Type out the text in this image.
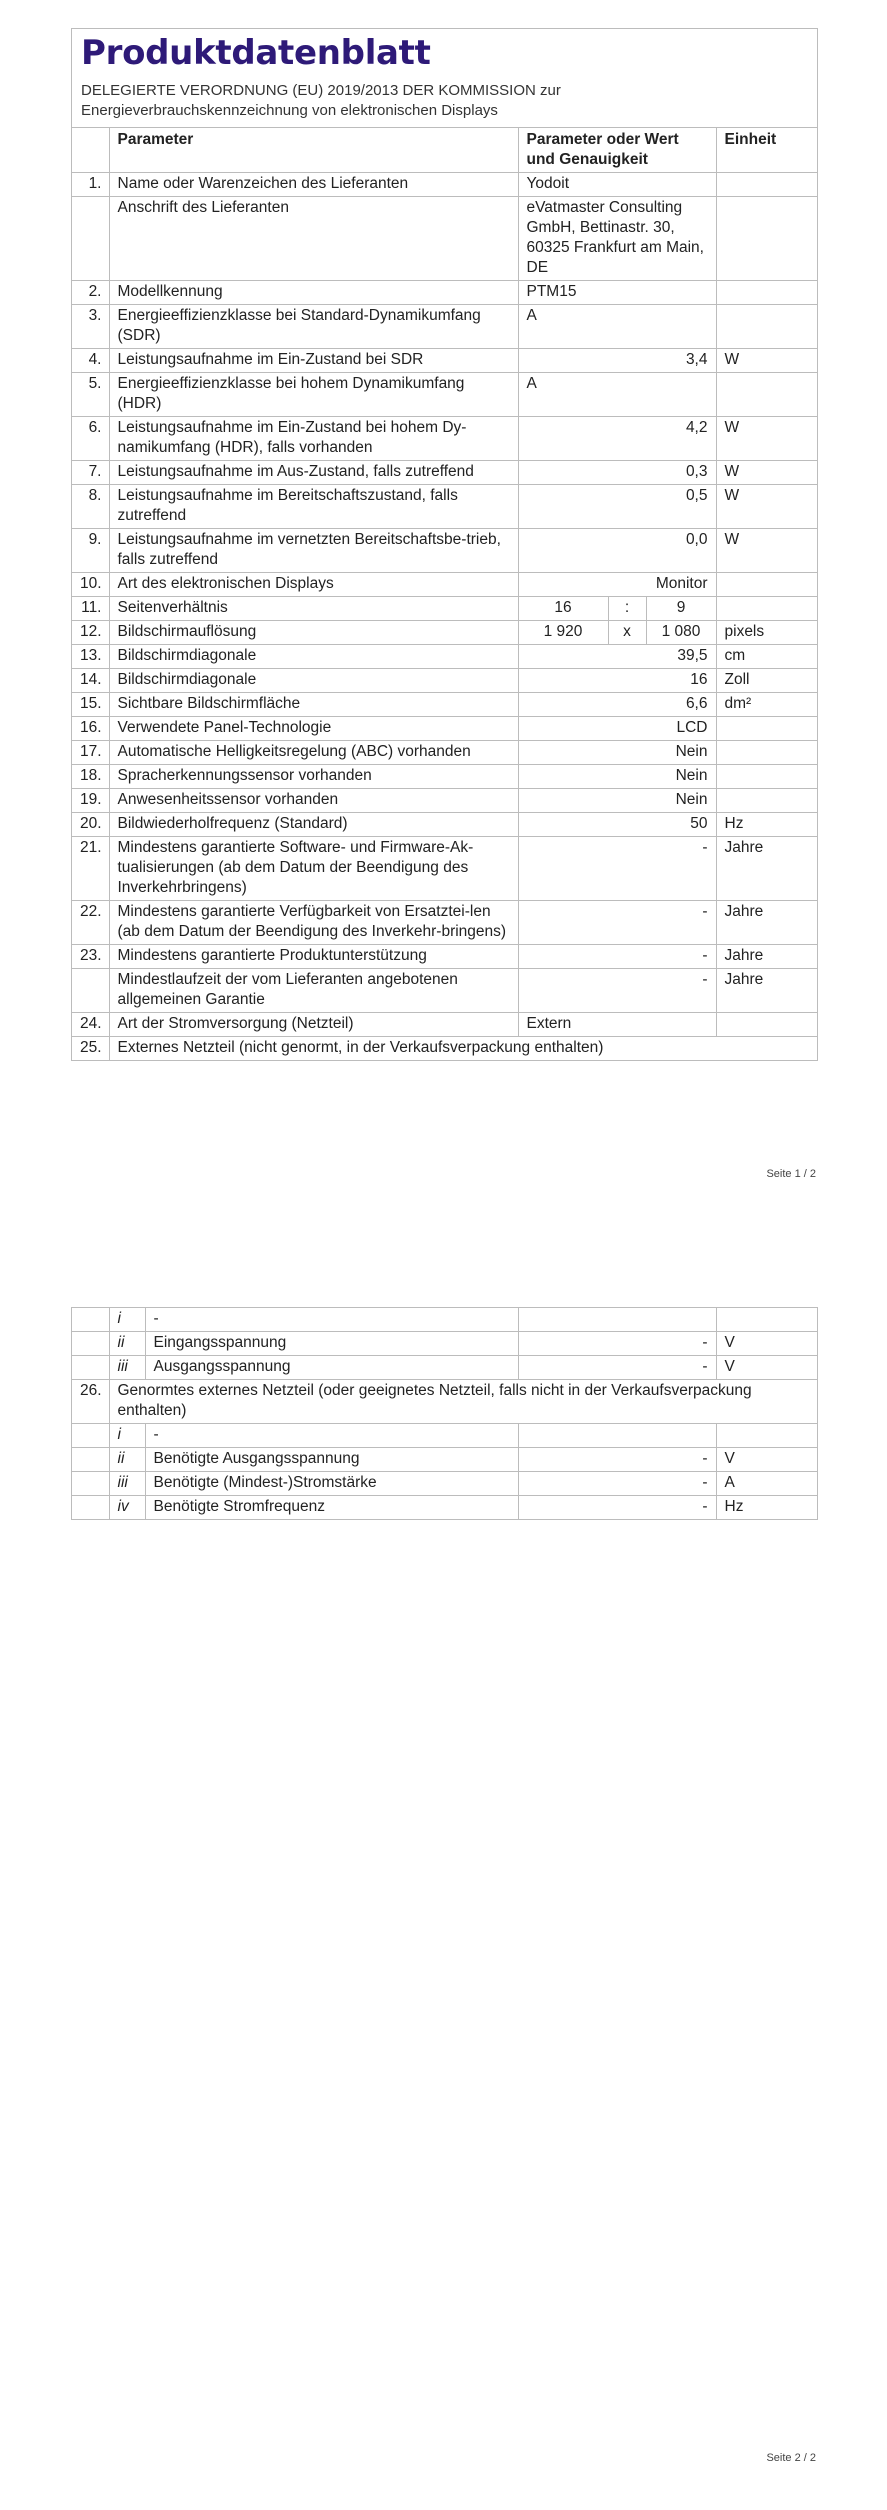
Produktdatenblatt
DELEGIERTE VERORDNUNG (EU) 2019/2013 DER KOMMISSION zur
Energieverbrauchskennzeichnung von elektronischen Displays
	Parameter	Parameter oder Wert und Genauigkeit			Einheit
1.	Name oder Warenzeichen des Lieferanten	Yodoit			
	Anschrift des Lieferanten	eVatmaster Consulting GmbH, Bettinastr. 30, 60325 Frankfurt am Main, DE			
2.	Modellkennung	PTM15			
3.	Energieeffizienzklasse bei Standard-Dynamikumfang (SDR)	A			
4.	Leistungsaufnahme im Ein-Zustand bei SDR	3,4			W
5.	Energieeffizienzklasse bei hohem Dynamikumfang (HDR)	A			
6.	Leistungsaufnahme im Ein-Zustand bei hohem Dy-namikumfang (HDR), falls vorhanden	4,2			W
7.	Leistungsaufnahme im Aus-Zustand, falls zutreffend	0,3			W
8.	Leistungsaufnahme im Bereitschaftszustand, falls zutreffend	0,5			W
9.	Leistungsaufnahme im vernetzten Bereitschaftsbe-trieb, falls zutreffend	0,0			W
10.	Art des elektronischen Displays	Monitor			
11.	Seitenverhältnis	16	:	9	
12.	Bildschirmauflösung	1 920	x	1 080	pixels
13.	Bildschirmdiagonale	39,5			cm
14.	Bildschirmdiagonale	16			Zoll
15.	Sichtbare Bildschirmfläche	6,6			dm²
16.	Verwendete Panel-Technologie	LCD			
17.	Automatische Helligkeitsregelung (ABC) vorhanden	Nein			
18.	Spracherkennungssensor vorhanden	Nein			
19.	Anwesenheitssensor vorhanden	Nein			
20.	Bildwiederholfrequenz (Standard)	50			Hz
21.	Mindestens garantierte Software- und Firmware-Ak-tualisierungen (ab dem Datum der Beendigung des Inverkehrbringens)	-			Jahre
22.	Mindestens garantierte Verfügbarkeit von Ersatztei-len (ab dem Datum der Beendigung des Inverkehr-bringens)	-			Jahre
23.	Mindestens garantierte Produktunterstützung	-			Jahre
	Mindestlaufzeit der vom Lieferanten angebotenen allgemeinen Garantie	-			Jahre
24.	Art der Stromversorgung (Netzteil)	Extern			
25.	Externes Netzteil (nicht genormt, in der Verkaufsverpackung enthalten)				
Seite 1 / 2
	i	-		
	ii	Eingangsspannung	-	V
	iii	Ausgangsspannung	-	V
26.	Genormtes externes Netzteil (oder geeignetes Netzteil, falls nicht in der Verkaufsverpackung enthalten)			
	i	-		
	ii	Benötigte Ausgangsspannung	-	V
	iii	Benötigte (Mindest-)Stromstärke	-	A
	iv	Benötigte Stromfrequenz	-	Hz
Seite 2 / 2
